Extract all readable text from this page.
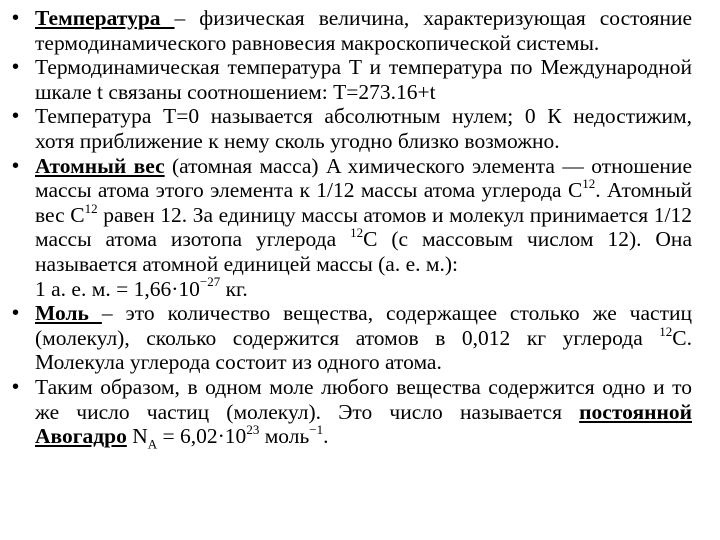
• Температура – физическая величина, характеризующая состояние термодинамического равновесия макроскопической системы.
• Термодинамическая температура T и температура по Международной шкале t связаны соотношением: T=273.16+t
• Температура T=0 называется абсолютным нулем; 0 К недостижим, хотя приближение к нему сколь угодно близко возможно.
• Атомный вес (атомная масса) A химического элемента — отношение массы атома этого элемента к 1/12 массы атома углерода $C^{12}$. Атомный вес $C^{12}$ равен 12. За единицу массы атомов и молекул принимается 1/12 массы атома изотопа углерода $^{12}$C (с массовым числом 12). Она называется атомной единицей массы (а. е. м.):
1 а. е. м. = $1,66\cdot 10^{-27}$ кг.
• Моль – это количество вещества, содержащее столько же частиц (молекул), сколько содержится атомов в 0,012 кг углерода $^{12}$C. Молекула углерода состоит из одного атома.
• Таким образом, в одном моле любого вещества содержится одно и то же число частиц (молекул). Это число называется постоянной Авогадро $N_A = 6,02\cdot 10^{23}$ моль$^{-1}$.
